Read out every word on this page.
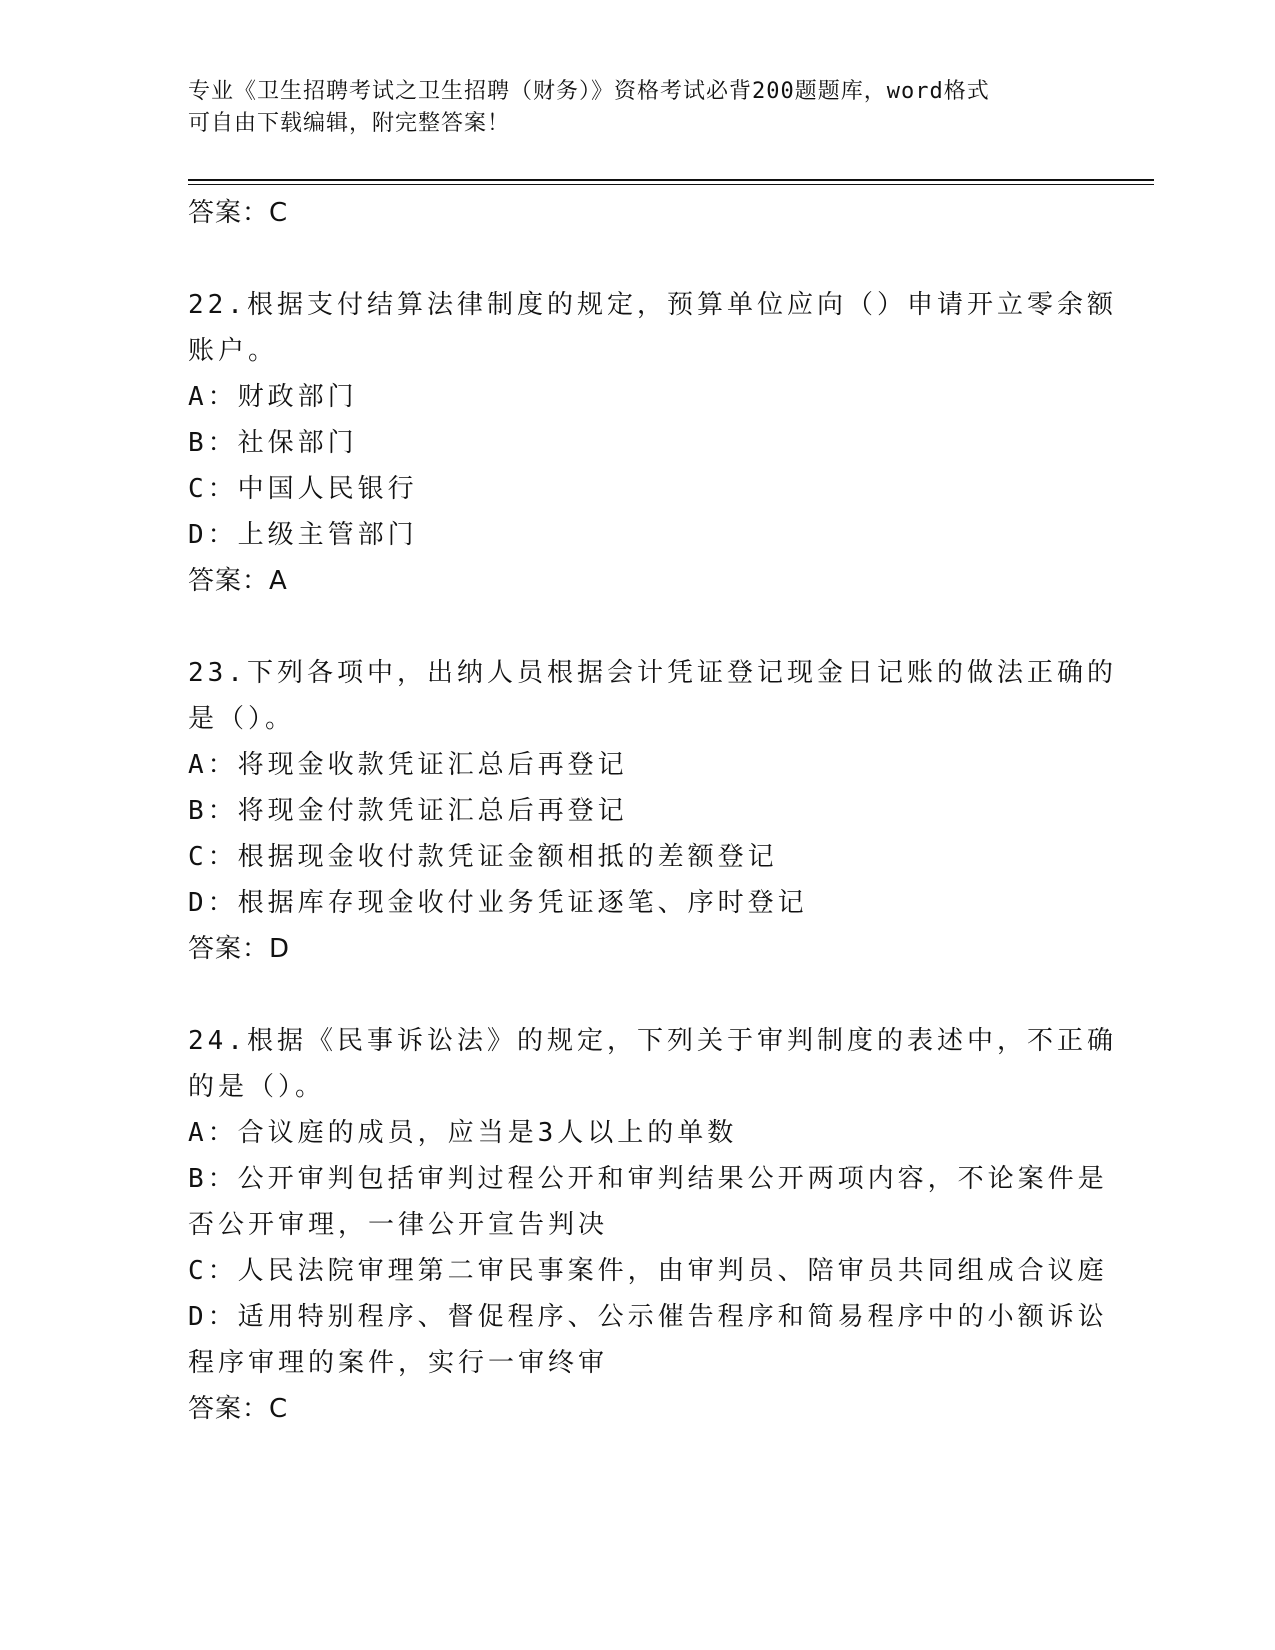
专业《卫生招聘考试之卫生招聘（财务）》资格考试必背200题题库，word格式
可自由下载编辑，附完整答案！
答案：C
22.根据支付结算法律制度的规定，预算单位应向（）申请开立零余额
账户。
A：财政部门
B：社保部门
C：中国人民银行
D：上级主管部门
答案：A
23.下列各项中，出纳人员根据会计凭证登记现金日记账的做法正确的
是（）。
A：将现金收款凭证汇总后再登记
B：将现金付款凭证汇总后再登记
C：根据现金收付款凭证金额相抵的差额登记
D：根据库存现金收付业务凭证逐笔、序时登记
答案：D
24.根据《民事诉讼法》的规定，下列关于审判制度的表述中，不正确
的是（）。
A：合议庭的成员，应当是3人以上的单数
B：公开审判包括审判过程公开和审判结果公开两项内容，不论案件是
否公开审理，一律公开宣告判决
C：人民法院审理第二审民事案件，由审判员、陪审员共同组成合议庭
D：适用特别程序、督促程序、公示催告程序和简易程序中的小额诉讼
程序审理的案件，实行一审终审
答案：C
